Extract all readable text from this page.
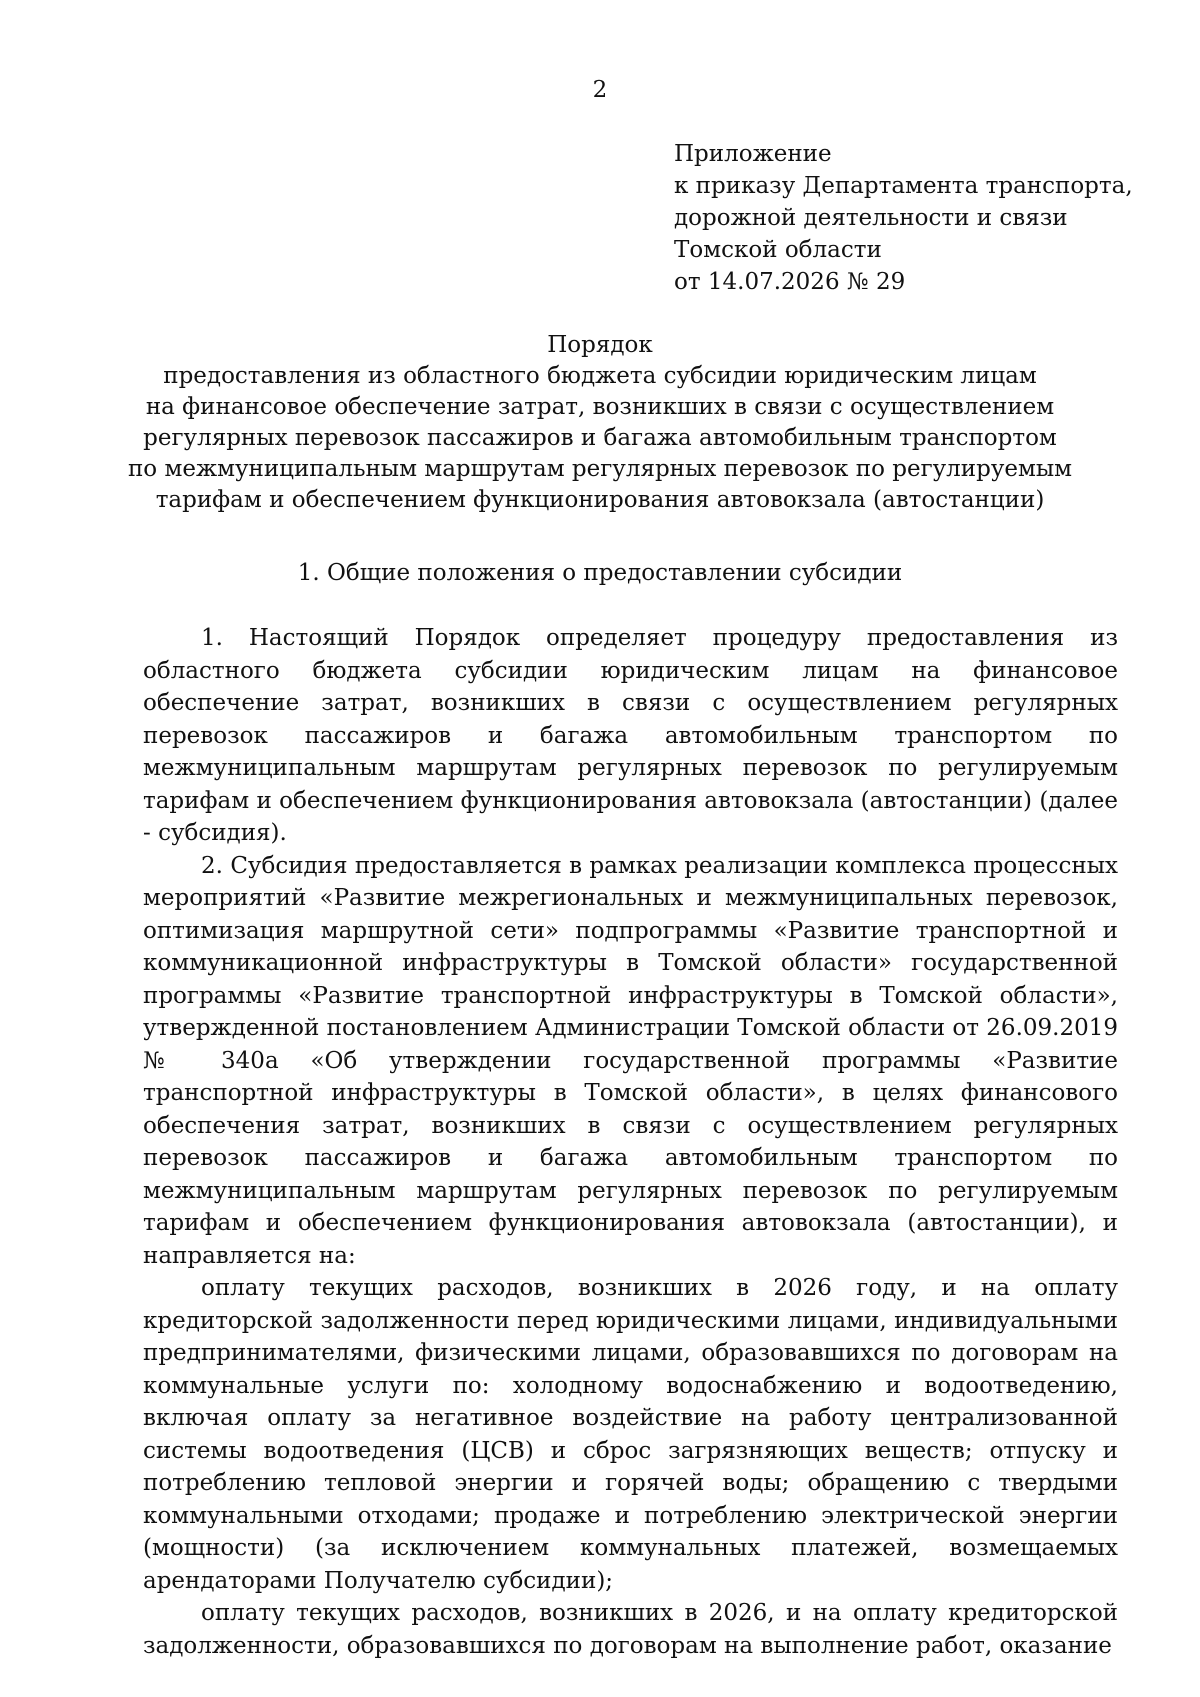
2
Приложение
к приказу Департамента транспорта,
дорожной деятельности и связи
Томской области
от 14.07.2026 № 29
Порядок
предоставления из областного бюджета субсидии юридическим лицам
на финансовое обеспечение затрат, возникших в связи с осуществлением
регулярных перевозок пассажиров и багажа автомобильным транспортом
по межмуниципальным маршрутам регулярных перевозок по регулируемым
тарифам и обеспечением функционирования автовокзала (автостанции)
1. Общие положения о предоставлении субсидии

1. Настоящий Порядок определяет процедуру предоставления из областного бюджета субсидии юридическим лицам на финансовое обеспечение затрат, возникших в связи с осуществлением регулярных перевозок пассажиров и багажа автомобильным транспортом по межмуниципальным маршрутам регулярных перевозок по регулируемым тарифам и обеспечением функционирования автовокзала (автостанции) (далее - субсидия).

2. Субсидия предоставляется в рамках реализации комплекса процессных мероприятий «Развитие межрегиональных и межмуниципальных перевозок, оптимизация маршрутной сети» подпрограммы «Развитие транспортной и коммуникационной инфраструктуры в Томской области» государственной программы «Развитие транспортной инфраструктуры в Томской области», утвержденной постановлением Администрации Томской области от 26.09.2019 № 340а «Об утверждении государственной программы «Развитие транспортной инфраструктуры в Томской области», в целях финансового обеспечения затрат, возникших в связи с осуществлением регулярных перевозок пассажиров и багажа автомобильным транспортом по межмуниципальным маршрутам регулярных перевозок по регулируемым тарифам и обеспечением функционирования автовокзала (автостанции), и направляется на:

оплату текущих расходов, возникших в 2026 году, и на оплату кредиторской задолженности перед юридическими лицами, индивидуальными предпринимателями, физическими лицами, образовавшихся по договорам на коммунальные услуги по: холодному водоснабжению и водоотведению, включая оплату за негативное воздействие на работу централизованной системы водоотведения (ЦСВ) и сброс загрязняющих веществ; отпуску и потреблению тепловой энергии и горячей воды; обращению с твердыми коммунальными отходами; продаже и потреблению электрической энергии (мощности) (за исключением коммунальных платежей, возмещаемых арендаторами Получателю субсидии);

оплату текущих расходов, возникших в 2026, и на оплату кредиторской задолженности, образовавшихся по договорам на выполнение работ, оказание
